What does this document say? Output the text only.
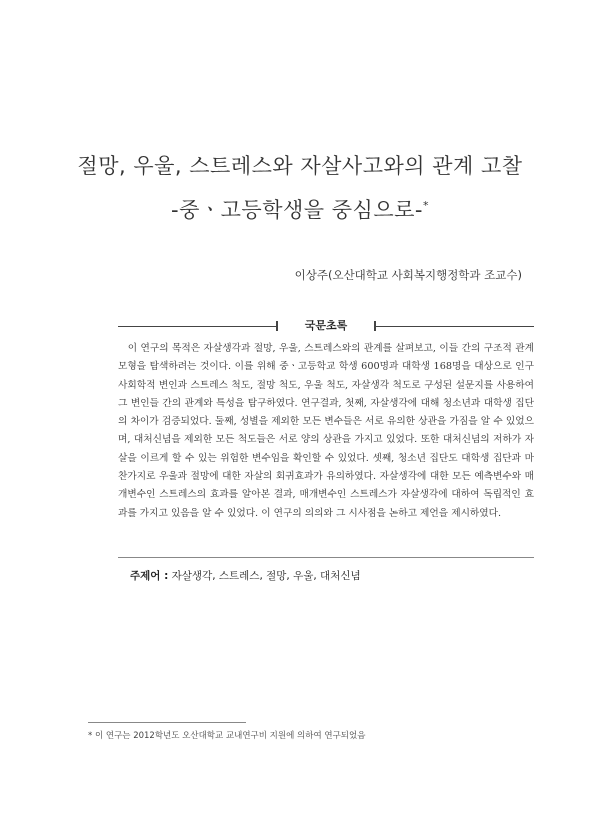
절망, 우울, 스트레스와 자살사고와의 관계 고찰
-중ㆍ고등학생을 중심으로-*
이상주(오산대학교 사회복지행정학과 조교수)
국문초록

이 연구의 목적은 자살생각과 절망, 우울, 스트레스와의 관계를 살펴보고, 이들 간의 구조적 관계모형을 탐색하려는 것이다. 이를 위해 중ㆍ고등학교 학생 600명과 대학생 168명을 대상으로 인구사회학적 변인과 스트레스 척도, 절망 척도, 우울 척도, 자살생각 척도로 구성된 설문지를 사용하여 그 변인들 간의 관계와 특성을 탐구하였다. 연구결과, 첫째, 자살생각에 대해 청소년과 대학생 집단의 차이가 검증되었다. 둘째, 성별을 제외한 모든 변수들은 서로 유의한 상관을 가짐을 알 수 있었으며, 대처신념을 제외한 모든 척도들은 서로 양의 상관을 가지고 있었다. 또한 대처신념의 저하가 자살을 이르게 할 수 있는 위험한 변수임을 확인할 수 있었다. 셋째, 청소년 집단도 대학생 집단과 마찬가지로 우울과 절망에 대한 자살의 회귀효과가 유의하였다. 자살생각에 대한 모든 예측변수와 매개변수인 스트레스의 효과를 알아본 결과, 매개변수인 스트레스가 자살생각에 대하여 독립적인 효과를 가지고 있음을 알 수 있었다. 이 연구의 의의와 그 시사점을 논하고 제언을 제시하였다.

주제어 : 자살생각, 스트레스, 절망, 우울, 대처신념
* 이 연구는 2012학년도 오산대학교 교내연구비 지원에 의하여 연구되었음
